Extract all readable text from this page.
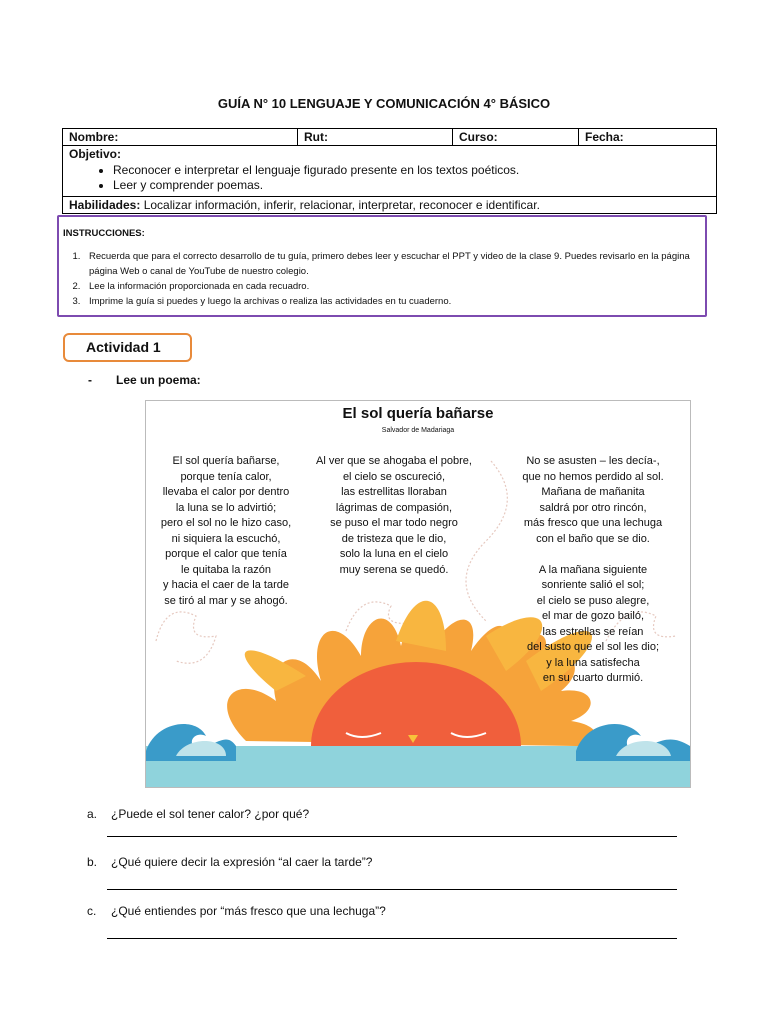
GUÍA N° 10 LENGUAJE Y COMUNICACIÓN 4° BÁSICO
Nombre:	Rut:	Curso:	Fecha:

Objetivo:
• Reconocer e interpretar el lenguaje figurado presente en los textos poéticos.
• Leer y comprender poemas.

Habilidades: Localizar información, inferir, relacionar, interpretar, reconocer e identificar.
INSTRUCCIONES:
1. Recuerda que para el correcto desarrollo de tu guía, primero debes leer y escuchar el PPT y video de la clase 9. Puedes revisarlo en la página página Web o canal de YouTube de nuestro colegio.
2. Lee la información proporcionada en cada recuadro.
3. Imprime la guía si puedes y luego la archivas o realiza las actividades en tu cuaderno.
Actividad 1
- Lee un poema:
El sol quería bañarse
Salvador de Madariaga
El sol quería bañarse,
porque tenía calor,
llevaba el calor por dentro
la luna se lo advirtió;
pero el sol no le hizo caso,
ni siquiera la escuchó,
porque el calor que tenía
le quitaba la razón
y hacia el caer de la tarde
se tiró al mar y se ahogó.
Al ver que se ahogaba el pobre,
el cielo se oscureció,
las estrellitas lloraban
lágrimas de compasión,
se puso el mar todo negro
de tristeza que le dio,
solo la luna en el cielo
muy serena se quedó.
No se asusten – les decía-,
que no hemos perdido al sol.
Mañana de mañanita
saldrá por otro rincón,
más fresco que una lechuga
con el baño que se dio.

A la mañana siguiente
sonriente salió el sol;
el cielo se puso alegre,
el mar de gozo bailó,
las estrellas se reían
del susto que el sol les dio;
y la luna satisfecha
en su cuarto durmió.
a. ¿Puede el sol tener calor? ¿por qué?
b. ¿Qué quiere decir la expresión “al caer la tarde”?
c. ¿Qué entiendes por “más fresco que una lechuga”?
